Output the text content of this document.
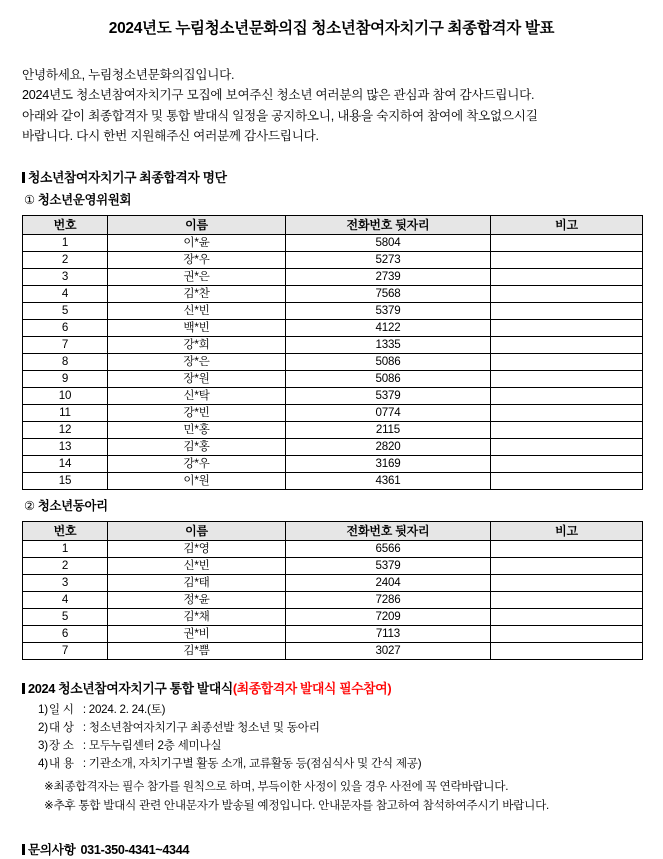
2024년도 누림청소년문화의집 청소년참여자치기구 최종합격자 발표
안녕하세요, 누림청소년문화의집입니다.
2024년도 청소년참여자치기구 모집에 보여주신 청소년 여러분의 많은 관심과 참여 감사드립니다.
아래와 같이 최종합격자 및 통합 발대식 일정을 공지하오니, 내용을 숙지하여 참여에 착오없으시길
바랍니다. 다시 한번 지원해주신 여러분께 감사드립니다.

청소년참여자치기구 최종합격자 명단

① 청소년운영위원회

번호	이름	전화번호 뒷자리	비고
1	이*윤	5804	
2	장*우	5273	
3	권*은	2739	
4	김*찬	7568	
5	신*빈	5379	
6	백*빈	4122	
7	강*희	1335	
8	장*은	5086	
9	장*원	5086	
10	신*탁	5379	
11	강*빈	0774	
12	민*홍	2115	
13	김*홍	2820	
14	강*우	3169	
15	이*원	4361	

② 청소년동아리

번호	이름	전화번호 뒷자리	비고
1	김*영	6566	
2	신*빈	5379	
3	김*태	2404	
4	정*윤	7286	
5	김*채	7209	
6	권*비	7113	
7	김*쁨	3027	

2024 청소년참여자치기구 통합 발대식(최종합격자 발대식 필수참여)

1)일 시 : 2024. 2. 24.(토)
2)대 상 : 청소년참여자치기구 최종선발 청소년 및 동아리
3)장 소 : 모두누림센터 2층 세미나실
4)내 용 : 기관소개, 자치기구별 활동 소개, 교류활동 등(점심식사 및 간식 제공)
※최종합격자는 필수 참가를 원칙으로 하며, 부득이한 사정이 있을 경우 사전에 꼭 연락바랍니다.
※추후 통합 발대식 관련 안내문자가 발송될 예정입니다. 안내문자를 참고하여 참석하여주시기 바랍니다.

문의사항 031-350-4341~4344
